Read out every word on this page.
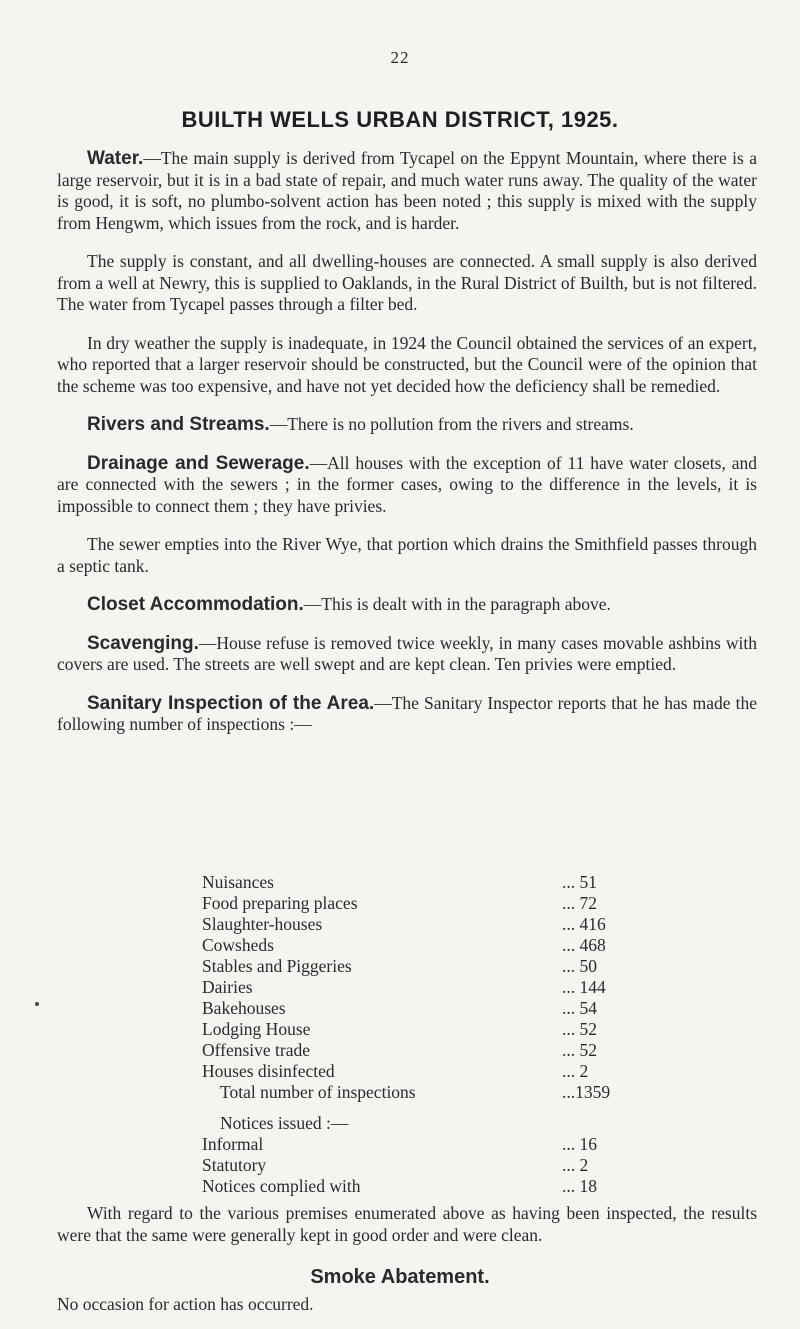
22
BUILTH WELLS URBAN DISTRICT, 1925.

Water.—The main supply is derived from Tycapel on the Eppynt Mountain, where there is a large reservoir, but it is in a bad state of repair, and much water runs away. The quality of the water is good, it is soft, no plumbo-solvent action has been noted ; this supply is mixed with the supply from Hengwm, which issues from the rock, and is harder.

The supply is constant, and all dwelling-houses are connected. A small supply is also derived from a well at Newry, this is supplied to Oaklands, in the Rural District of Builth, but is not filtered. The water from Tycapel passes through a filter bed.

In dry weather the supply is inadequate, in 1924 the Council obtained the services of an expert, who reported that a larger reservoir should be constructed, but the Council were of the opinion that the scheme was too expensive, and have not yet decided how the deficiency shall be remedied.

Rivers and Streams.—There is no pollution from the rivers and streams.

Drainage and Sewerage.—All houses with the exception of 11 have water closets, and are connected with the sewers ; in the former cases, owing to the difference in the levels, it is impossible to connect them ; they have privies.

The sewer empties into the River Wye, that portion which drains the Smithfield passes through a septic tank.

Closet Accommodation.—This is dealt with in the paragraph above.

Scavenging.—House refuse is removed twice weekly, in many cases movable ashbins with covers are used. The streets are well swept and are kept clean. Ten privies were emptied.

Sanitary Inspection of the Area.—The Sanitary Inspector reports that he has made the following number of inspections :—

Nuisances	... 51
Food preparing places	... 72
Slaughter-houses	... 416
Cowsheds	... 468
Stables and Piggeries	... 50
Dairies	... 144
Bakehouses	... 54
Lodging House	... 52
Offensive trade	... 52
Houses disinfected	... 2
Total number of inspections	...1359
Notices issued :—
Informal	... 16
Statutory	... 2
Notices complied with	... 18

With regard to the various premises enumerated above as having been inspected, the results were that the same were generally kept in good order and were clean.

Smoke Abatement.
No occasion for action has occurred.
